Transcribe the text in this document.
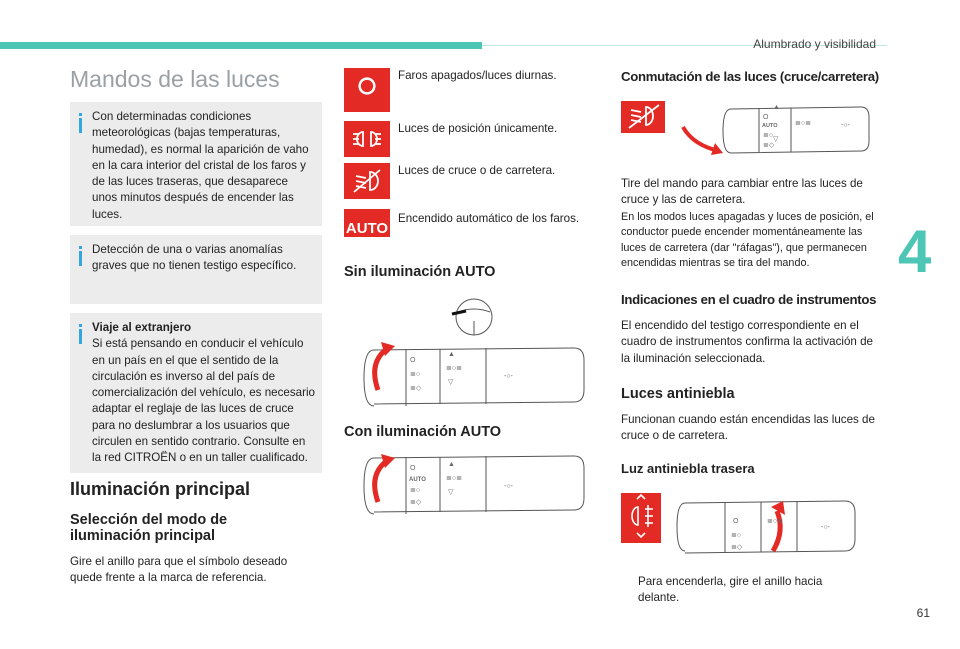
Alumbrado y visibilidad
4
61
Mandos de las luces
Con determinadas condiciones meteorológicas (bajas temperaturas, humedad), es normal la aparición de vaho en la cara interior del cristal de los faros y de las luces traseras, que desaparece unos minutos después de encender las luces.
Detección de una o varias anomalías graves que no tienen testigo específico.
Viaje al extranjero
Si está pensando en conducir el vehículo en un país en el que el sentido de la circulación es inverso al del país de comercialización del vehículo, es necesario adaptar el reglaje de las luces de cruce para no deslumbrar a los usuarios que circulen en sentido contrario. Consulte en la red CITROËN o en un taller cualificado.
Iluminación principal
Selección del modo de iluminación principal

Gire el anillo para que el símbolo deseado quede frente a la marca de referencia.

Faros apagados/luces diurnas.
Luces de posición únicamente.
Luces de cruce o de carretera.
AUTO
Encendido automático de los faros.
Sin iluminación AUTO
O
≣○
≣◇
▲
≣○≣
▽
-○-
Con iluminación AUTO
O
AUTO
≣○
≣◇
▲
≣○≣
▽
-○-
Conmutación de las luces (cruce/carretera)
O
AUTO
≣○
≣◇
▲
≣○≣
▽
-○-

Tire del mando para cambiar entre las luces de cruce y las de carretera.

En los modos luces apagadas y luces de posición, el conductor puede encender momentáneamente las luces de carretera (dar "ráfagas"), que permanecen encendidas mientras se tira del mando.

Indicaciones en el cuadro de instrumentos

El encendido del testigo correspondiente en el cuadro de instrumentos confirma la activación de la iluminación seleccionada.

Luces antiniebla

Funcionan cuando están encendidas las luces de cruce o de carretera.

Luz antiniebla trasera
O
≣○
≣◇
≣○≣
-○-

Para encenderla, gire el anillo hacia delante.
